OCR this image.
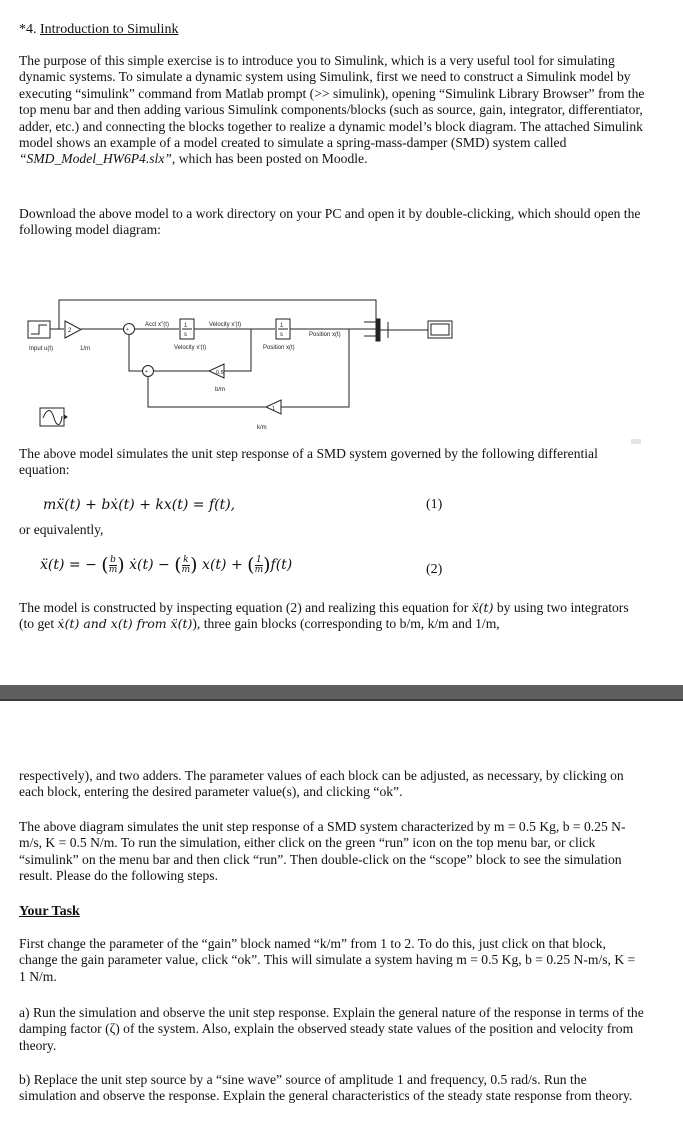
*4. Introduction to Simulink
The purpose of this simple exercise is to introduce you to Simulink, which is a very useful tool for simulating dynamic systems. To simulate a dynamic system using Simulink, first we need to construct a Simulink model by executing “simulink” command from Matlab prompt (>> simulink), opening “Simulink Library Browser” from the top menu bar and then adding various Simulink components/blocks (such as source, gain, integrator, differentiator, adder, etc.) and connecting the blocks together to realize a dynamic model’s block diagram. The attached Simulink model shows an example of a model created to simulate a spring-mass-damper (SMD) system called “SMD_Model_HW6P4.slx”, which has been posted on Moodle.
Download the above model to a work directory on your PC and open it by double-clicking, which should open the following model diagram:
Input u(t)
2
1/m
+
Accl x''(t)	1
s
Velocity x'(t)
Velocity x'(t)
1
s	Position x(t)
Position x(t)
0.5
b/m
+
1
k/m
The above model simulates the unit step response of a SMD system governed by the following differential equation:
mẍ(t) + bẋ(t) + kx(t) = f(t),	(1)
or equivalently,
ẍ(t) = − ( $\frac{b}{m}$ ) ẋ(t) − ( $\frac{k}{m}$ ) x(t) + ( $\frac{1}{m} )f(t)$	(2)
The model is constructed by inspecting equation (2) and realizing this equation for ẍ(t) by using two integrators (to get ẋ(t) and x(t) from ẍ(t)), three gain blocks (corresponding to b/m, k/m and 1/m,
respectively), and two adders. The parameter values of each block can be adjusted, as necessary, by clicking on each block, entering the desired parameter value(s), and clicking “ok”.
The above diagram simulates the unit step response of a SMD system characterized by m = 0.5 Kg, b = 0.25 N-m/s, K = 0.5 N/m. To run the simulation, either click on the green “run” icon on the top menu bar, or click “simulink” on the menu bar and then click “run”. Then double-click on the “scope” block to see the simulation result. Please do the following steps.
Your Task
First change the parameter of the “gain” block named “k/m” from 1 to 2. To do this, just click on that block, change the gain parameter value, click “ok”. This will simulate a system having m = 0.5 Kg, b = 0.25 N-m/s, K = 1 N/m.
a) Run the simulation and observe the unit step response. Explain the general nature of the response in terms of the damping factor (ζ) of the system. Also, explain the observed steady state values of the position and velocity from theory.
b) Replace the unit step source by a “sine wave” source of amplitude 1 and frequency, 0.5 rad/s. Run the simulation and observe the response. Explain the general characteristics of the steady state response from theory.
